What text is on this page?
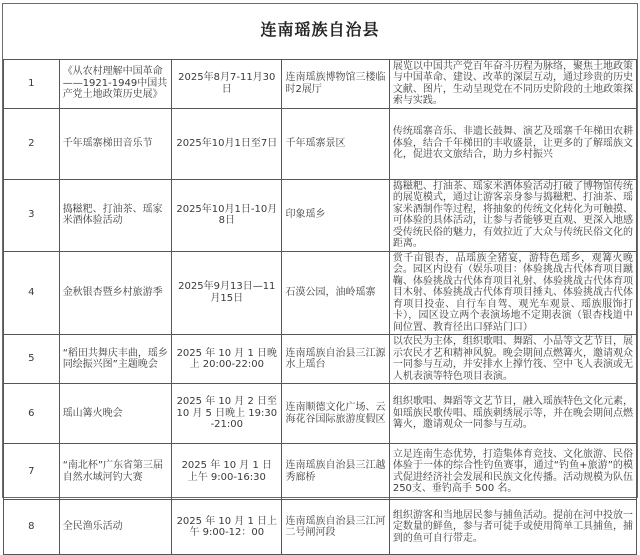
连南瑶族自治县				
1	《从农村理解中国革命——1921-1949中国共产党土地政策历史展》	2025年8月7-11月30日	连南瑶族博物馆三楼临时2展厅	展览以中国共产党百年奋斗历程为脉络，聚焦土地政策与中国革命、建设、改革的深层互动，通过珍贵的历史文献、图片，生动呈现党在不同历史阶段的土地政策探索与实践。
2	千年瑶寨梯田音乐节	2025年10月1日至7日	千年瑶寨景区	传统瑶寨音乐、非遗长鼓舞、演艺及瑶寨千年梯田农耕体验，结合千年梯田的丰收盛景，让更多的了解瑶族文化，促进农文旅结合，助力乡村振兴
3	捣糍粑、打油茶、瑶家米酒体验活动	2025年10月1日-10月8日	印象瑶乡	捣糍粑、打油茶、瑶家米酒体验活动打破了博物馆传统的展览模式，通过让游客亲身参与捣糍粑、打油茶、瑶家米酒制作等过程，将抽象的传统文化转化为可触摸、可体验的具体活动，让参与者能够更直观、更深入地感受传统民俗的魅力，有效拉近了大众与传统民俗文化的距离。
4	金秋银杏暨乡村旅游季	2025年9月13日—11月15日	石漠公园，油岭瑶寨	赏千亩银杏，品瑶族全猪宴，游特色瑶乡，观篝火晚会。园区内设有（娱乐项目：体验挑战古代体育项目蹴鞠、体验挑战古代体育项目礼射、体验挑战古代体育项目木射、体验挑战古代体育项目捶丸、体验挑战古代体育项目投壶、自行车自驾、观光车观景、瑶族服饰打卡），园区设立两个表演场地不定期表演（银杏栈道中间位置、教育径出口驿站门口）
5	“稻田共舞庆丰曲，瑶乡同绘振兴图”主题晚会	2025 年 10 月 1 日晚上 20:00-22:00	连南瑶族自治县三江源水上瑶台	以农民为主体，组织歌唱、舞蹈、小品等文艺节目，展示农民才艺和精神风貌。晚会期间点燃篝火，邀请观众一同参与互动，并安排水上撑竹筏、空中飞人表演或无人机表演等特色项目表演。
6	瑶山篝火晚会	2025 年 10 月 2 日至 10 月 5 日晚上 19:30-21:00	连南顺德文化广场、云海花谷国际旅游度假区	组织歌唱、舞蹈等文艺节目，融入瑶族特色文化元素，如瑶族民歌传唱、瑶族刺绣展示等，并在晚会期间点燃篝火，邀请观众一同参与互动。
7	“南北杯”广东省第三届自然水域河钓大赛	2025 年 10 月 1 日 上午 9:00-16:30	连南瑶族自治县三江越秀廊桥	立足连南生态优势，打造集体育竞技、文化旅游、民俗体验于一体的综合性钓鱼赛事，通过“钓鱼+旅游”的模式促进经济社会发展和民族文化传播。活动规模为队伍 250支、垂钓高手 500 名。
8	全民渔乐活动	2025 年 10 月 1 日上午 9:00-12：00	连南瑶族自治县三江河二号闸河段	组织游客和当地居民参与捕鱼活动。提前在河中投放一定数量的鲜鱼，参与者可徒手或使用简单工具捕鱼，捕到的鱼可自行带走。
